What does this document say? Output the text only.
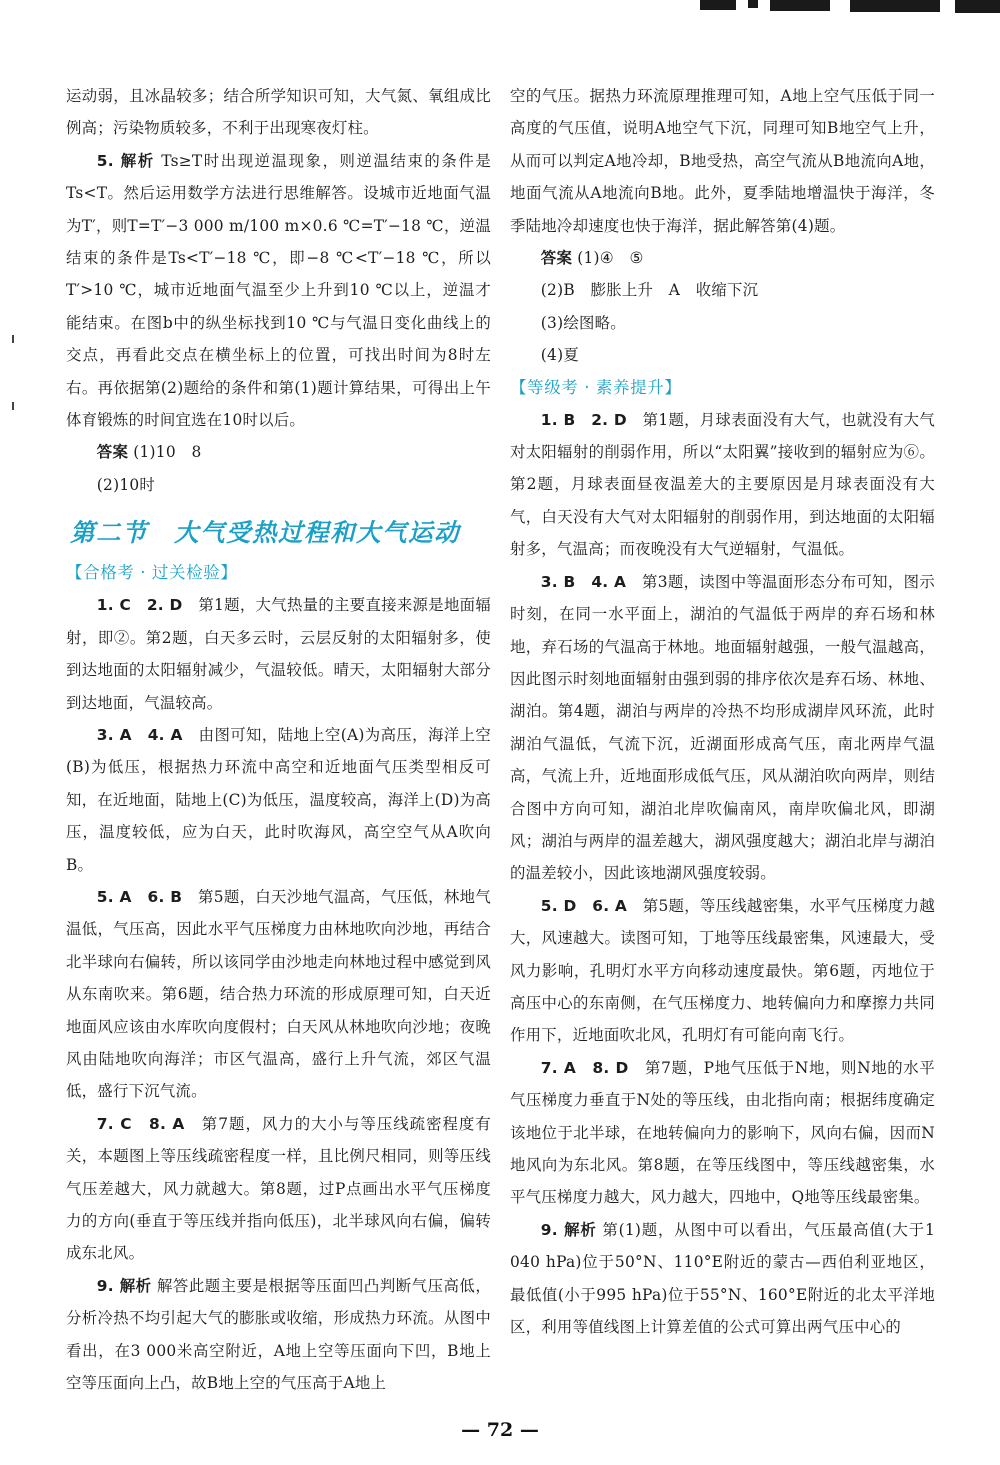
运动弱，且冰晶较多；结合所学知识可知，大气氮、氧组成比例高；污染物质较多，不利于出现寒夜灯柱。

5. 解析 Ts≥T时出现逆温现象，则逆温结束的条件是Ts<T。然后运用数学方法进行思维解答。设城市近地面气温为T′，则T=T′−3 000 m/100 m×0.6 ℃=T′−18 ℃，逆温结束的条件是Ts<T′−18 ℃，即−8 ℃<T′−18 ℃，所以T′>10 ℃，城市近地面气温至少上升到10 ℃以上，逆温才能结束。在图b中的纵坐标找到10 ℃与气温日变化曲线上的交点，再看此交点在横坐标上的位置，可找出时间为8时左右。再依据第(2)题给的条件和第(1)题计算结果，可得出上午体育锻炼的时间宜选在10时以后。

答案 (1)10　8

(2)10时

第二节　大气受热过程和大气运动
【合格考 · 过关检验】

1. C　2. D　第1题，大气热量的主要直接来源是地面辐射，即②。第2题，白天多云时，云层反射的太阳辐射多，使到达地面的太阳辐射减少，气温较低。晴天，太阳辐射大部分到达地面，气温较高。

3. A　4. A　由图可知，陆地上空(A)为高压，海洋上空(B)为低压，根据热力环流中高空和近地面气压类型相反可知，在近地面，陆地上(C)为低压，温度较高，海洋上(D)为高压，温度较低，应为白天，此时吹海风，高空空气从A吹向B。

5. A　6. B　第5题，白天沙地气温高，气压低，林地气温低，气压高，因此水平气压梯度力由林地吹向沙地，再结合北半球向右偏转，所以该同学由沙地走向林地过程中感觉到风从东南吹来。第6题，结合热力环流的形成原理可知，白天近地面风应该由水库吹向度假村；白天风从林地吹向沙地；夜晚风由陆地吹向海洋；市区气温高，盛行上升气流，郊区气温低，盛行下沉气流。

7. C　8. A　第7题，风力的大小与等压线疏密程度有关，本题图上等压线疏密程度一样，且比例尺相同，则等压线气压差越大，风力就越大。第8题，过P点画出水平气压梯度力的方向(垂直于等压线并指向低压)，北半球风向右偏，偏转成东北风。

9. 解析 解答此题主要是根据等压面凹凸判断气压高低，分析冷热不均引起大气的膨胀或收缩，形成热力环流。从图中看出，在3 000米高空附近，A地上空等压面向下凹，B地上空等压面向上凸，故B地上空的气压高于A地上

空的气压。据热力环流原理推理可知，A地上空气压低于同一高度的气压值，说明A地空气下沉，同理可知B地空气上升，从而可以判定A地冷却，B地受热，高空气流从B地流向A地，地面气流从A地流向B地。此外，夏季陆地增温快于海洋，冬季陆地冷却速度也快于海洋，据此解答第(4)题。

答案 (1)④　⑤

(2)B　膨胀上升　A　收缩下沉

(3)绘图略。

(4)夏

【等级考 · 素养提升】

1. B　2. D　第1题，月球表面没有大气，也就没有大气对太阳辐射的削弱作用，所以“太阳翼”接收到的辐射应为⑥。第2题，月球表面昼夜温差大的主要原因是月球表面没有大气，白天没有大气对太阳辐射的削弱作用，到达地面的太阳辐射多，气温高；而夜晚没有大气逆辐射，气温低。

3. B　4. A　第3题，读图中等温面形态分布可知，图示时刻，在同一水平面上，湖泊的气温低于两岸的弃石场和林地，弃石场的气温高于林地。地面辐射越强，一般气温越高，因此图示时刻地面辐射由强到弱的排序依次是弃石场、林地、湖泊。第4题，湖泊与两岸的冷热不均形成湖岸风环流，此时湖泊气温低，气流下沉，近湖面形成高气压，南北两岸气温高，气流上升，近地面形成低气压，风从湖泊吹向两岸，则结合图中方向可知，湖泊北岸吹偏南风，南岸吹偏北风，即湖风；湖泊与两岸的温差越大，湖风强度越大；湖泊北岸与湖泊的温差较小，因此该地湖风强度较弱。

5. D　6. A　第5题，等压线越密集，水平气压梯度力越大，风速越大。读图可知，丁地等压线最密集，风速最大，受风力影响，孔明灯水平方向移动速度最快。第6题，丙地位于高压中心的东南侧，在气压梯度力、地转偏向力和摩擦力共同作用下，近地面吹北风，孔明灯有可能向南飞行。

7. A　8. D　第7题，P地气压低于N地，则N地的水平气压梯度力垂直于N处的等压线，由北指向南；根据纬度确定该地位于北半球，在地转偏向力的影响下，风向右偏，因而N地风向为东北风。第8题，在等压线图中，等压线越密集，水平气压梯度力越大，风力越大，四地中，Q地等压线最密集。

9. 解析 第(1)题，从图中可以看出，气压最高值(大于1 040 hPa)位于50°N、110°E附近的蒙古—西伯利亚地区，最低值(小于995 hPa)位于55°N、160°E附近的北太平洋地区，利用等值线图上计算差值的公式可算出两气压中心的

— 72 —
